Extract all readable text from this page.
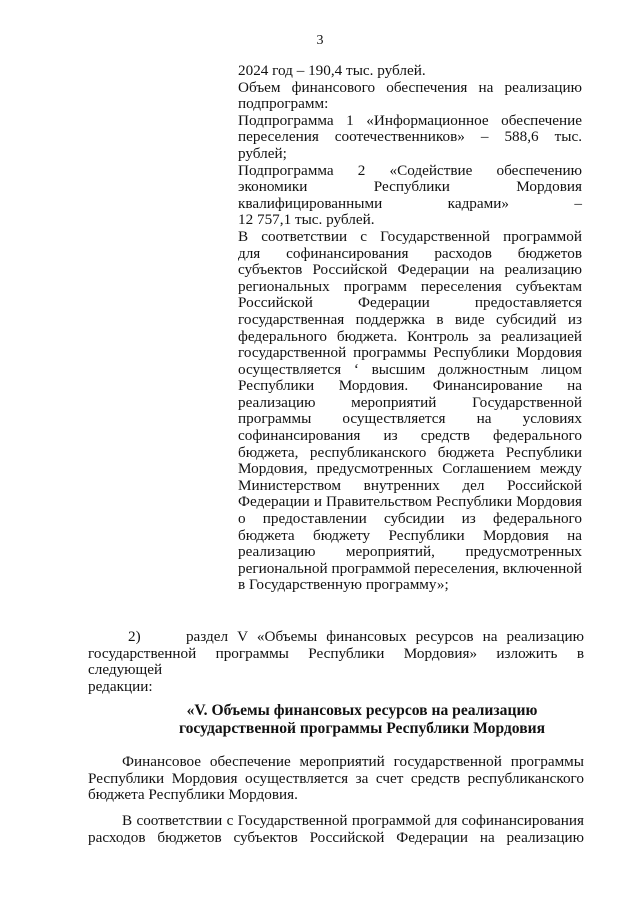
3

2024 год – 190,4 тыс. рублей.

Объем финансового обеспечения на реализацию

подпрограмм:

Подпрограмма 1 «Информационное обеспечение

переселения соотечественников» – 588,6 тыс.

рублей;

Подпрограмма 2 «Содействие обеспечению

экономики Республики Мордовия

квалифицированными кадрами» –

12 757,1 тыс. рублей.

В соответствии с Государственной программой

для софинансирования расходов бюджетов

субъектов Российской Федерации на реализацию

региональных программ переселения субъектам

Российской Федерации предоставляется

государственная поддержка в виде субсидий из

федерального бюджета. Контроль за реализацией

государственной программы Республики Мордовия

осуществляется ‘ высшим должностным лицом

Республики Мордовия. Финансирование на

реализацию мероприятий Государственной

программы осуществляется на условиях

софинансирования из средств федерального

бюджета, республиканского бюджета Республики

Мордовия, предусмотренных Соглашением между

Министерством внутренних дел Российской

Федерации и Правительством Республики Мордовия

о предоставлении субсидии из федерального

бюджета бюджету Республики Мордовия на

реализацию мероприятий, предусмотренных

региональной программой переселения, включенной

в Государственную программу»;

2)     раздел V «Объемы финансовых ресурсов на реализацию

государственной программы Республики Мордовия» изложить в следующей

редакции:

«V. Объемы финансовых ресурсов на реализацию
государственной программы Республики Мордовия

Финансовое обеспечение мероприятий государственной программы

Республики Мордовия осуществляется за счет средств республиканского

бюджета Республики Мордовия.

В соответствии с Государственной программой для софинансирования

расходов бюджетов субъектов Российской Федерации на реализацию
